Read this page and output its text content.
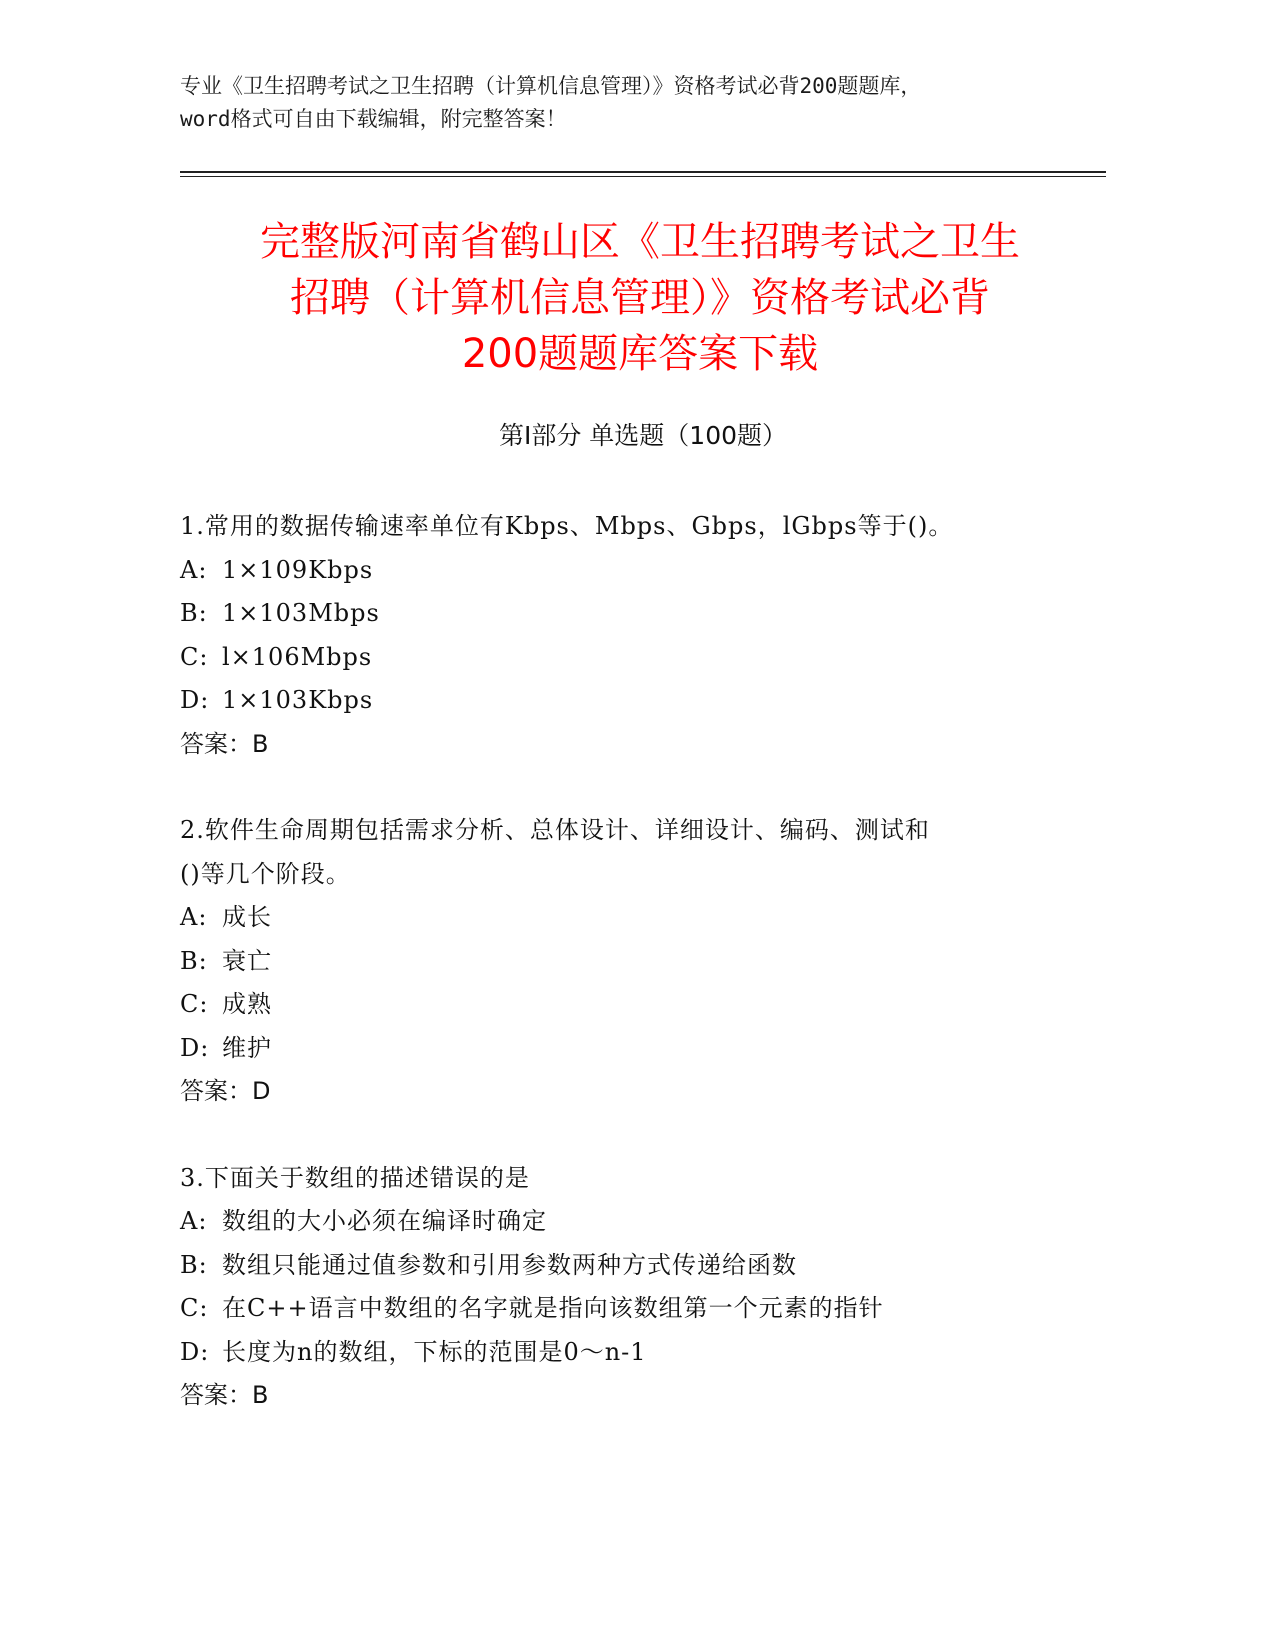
专业《卫生招聘考试之卫生招聘（计算机信息管理）》资格考试必背200题题库，
word格式可自由下载编辑，附完整答案！
完整版河南省鹤山区《卫生招聘考试之卫生
招聘（计算机信息管理）》资格考试必背
200题题库答案下载
第Ⅰ部分 单选题（100题）
1.常用的数据传输速率单位有Kbps、Mbps、Gbps，lGbps等于()。
A: 1×109Kbps
B: 1×103Mbps
C: l×106Mbps
D: 1×103Kbps
答案：B
2.软件生命周期包括需求分析、总体设计、详细设计、编码、测试和
()等几个阶段。
A: 成长
B: 衰亡
C: 成熟
D: 维护
答案：D
3.下面关于数组的描述错误的是
A: 数组的大小必须在编译时确定
B: 数组只能通过值参数和引用参数两种方式传递给函数
C: 在C++语言中数组的名字就是指向该数组第一个元素的指针
D: 长度为n的数组，下标的范围是0～n-1
答案：B
